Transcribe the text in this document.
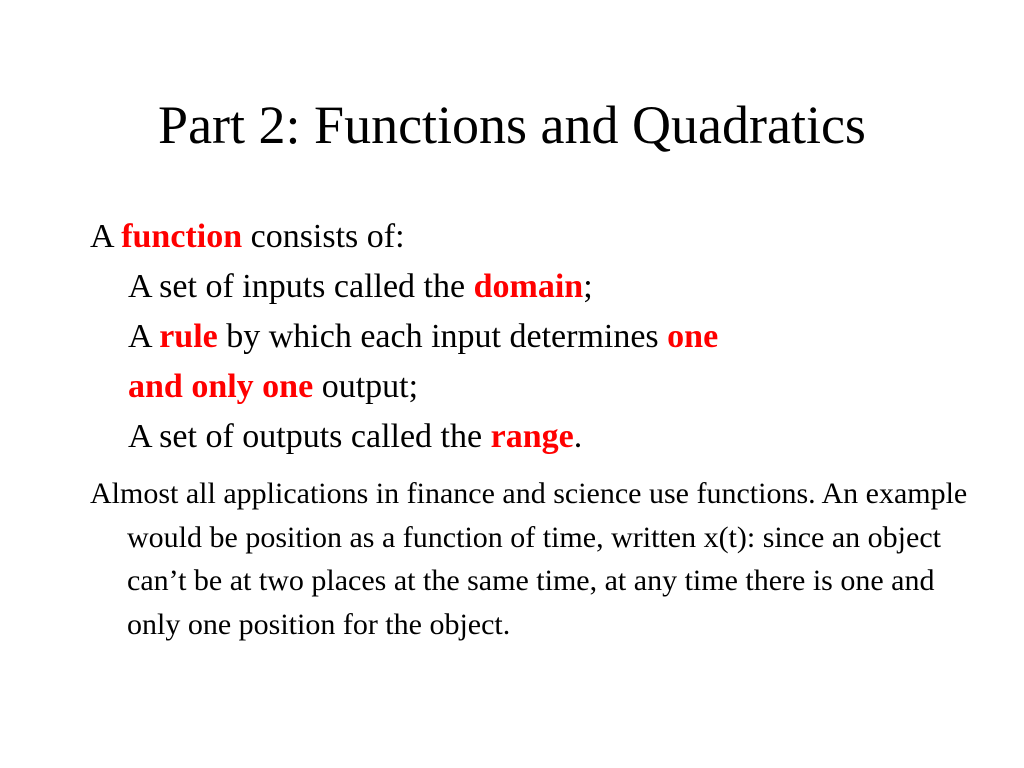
Part 2: Functions and Quadratics
A function consists of:
A set of inputs called the domain;
A rule by which each input determines one
and only one output;
A set of outputs called the range.
Almost all applications in finance and science use functions. An example would be position as a function of time, written x(t): since an object can’t be at two places at the same time, at any time there is one and only one position for the object.
